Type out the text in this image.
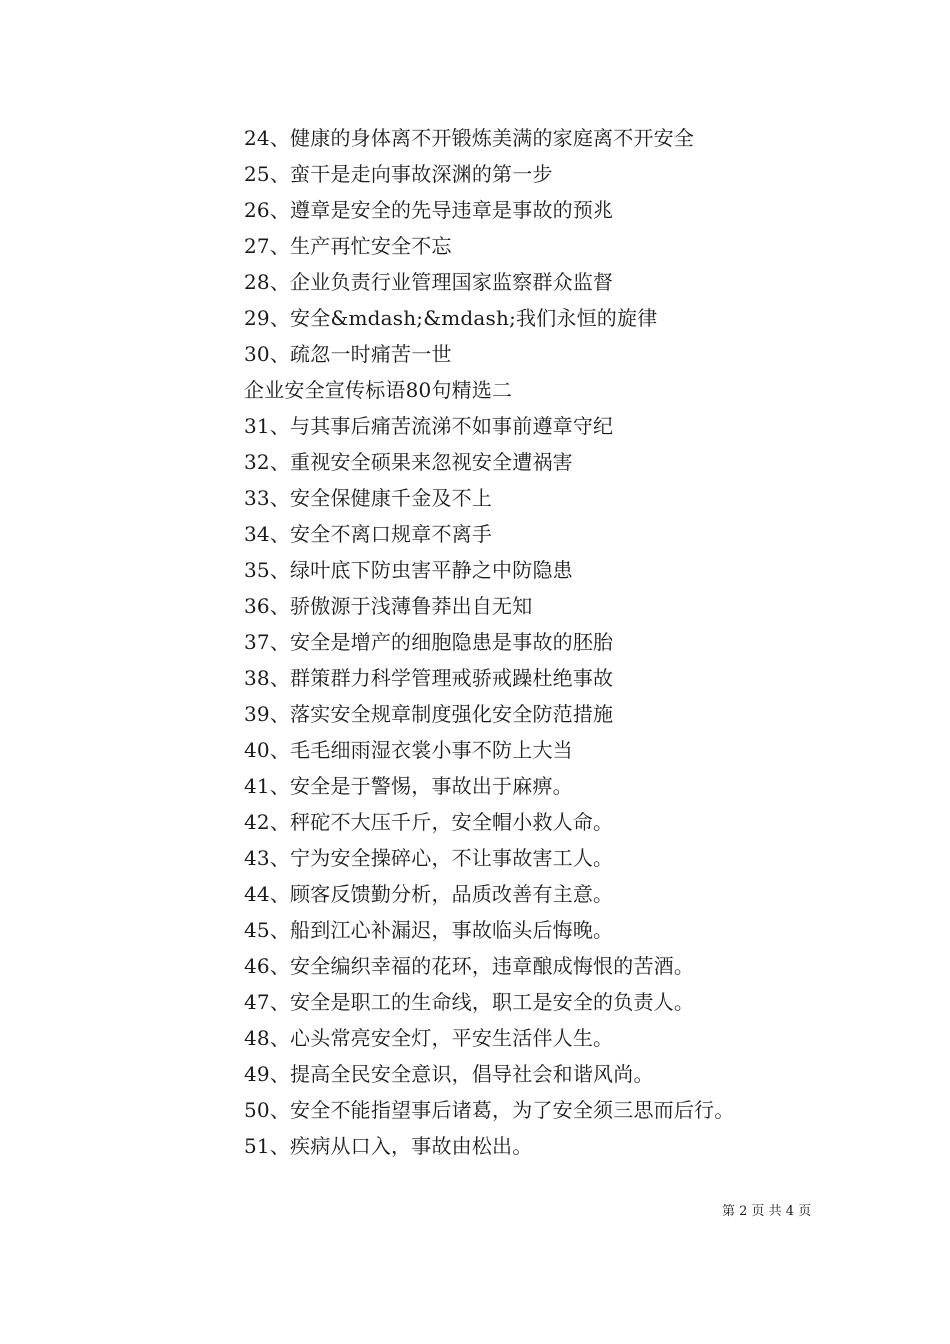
24、健康的身体离不开锻炼美满的家庭离不开安全
25、蛮干是走向事故深渊的第一步
26、遵章是安全的先导违章是事故的预兆
27、生产再忙安全不忘
28、企业负责行业管理国家监察群众监督
29、安全&mdash;&mdash;我们永恒的旋律
30、疏忽一时痛苦一世
企业安全宣传标语80句精选二
31、与其事后痛苦流涕不如事前遵章守纪
32、重视安全硕果来忽视安全遭祸害
33、安全保健康千金及不上
34、安全不离口规章不离手
35、绿叶底下防虫害平静之中防隐患
36、骄傲源于浅薄鲁莽出自无知
37、安全是增产的细胞隐患是事故的胚胎
38、群策群力科学管理戒骄戒躁杜绝事故
39、落实安全规章制度强化安全防范措施
40、毛毛细雨湿衣裳小事不防上大当
41、安全是于警惕，事故出于麻痹。
42、秤砣不大压千斤，安全帽小救人命。
43、宁为安全操碎心，不让事故害工人。
44、顾客反馈勤分析，品质改善有主意。
45、船到江心补漏迟，事故临头后悔晚。
46、安全编织幸福的花环，违章酿成悔恨的苦酒。
47、安全是职工的生命线，职工是安全的负责人。
48、心头常亮安全灯，平安生活伴人生。
49、提高全民安全意识，倡导社会和谐风尚。
50、安全不能指望事后诸葛，为了安全须三思而后行。
51、疾病从口入，事故由松出。
第 2 页 共 4 页
